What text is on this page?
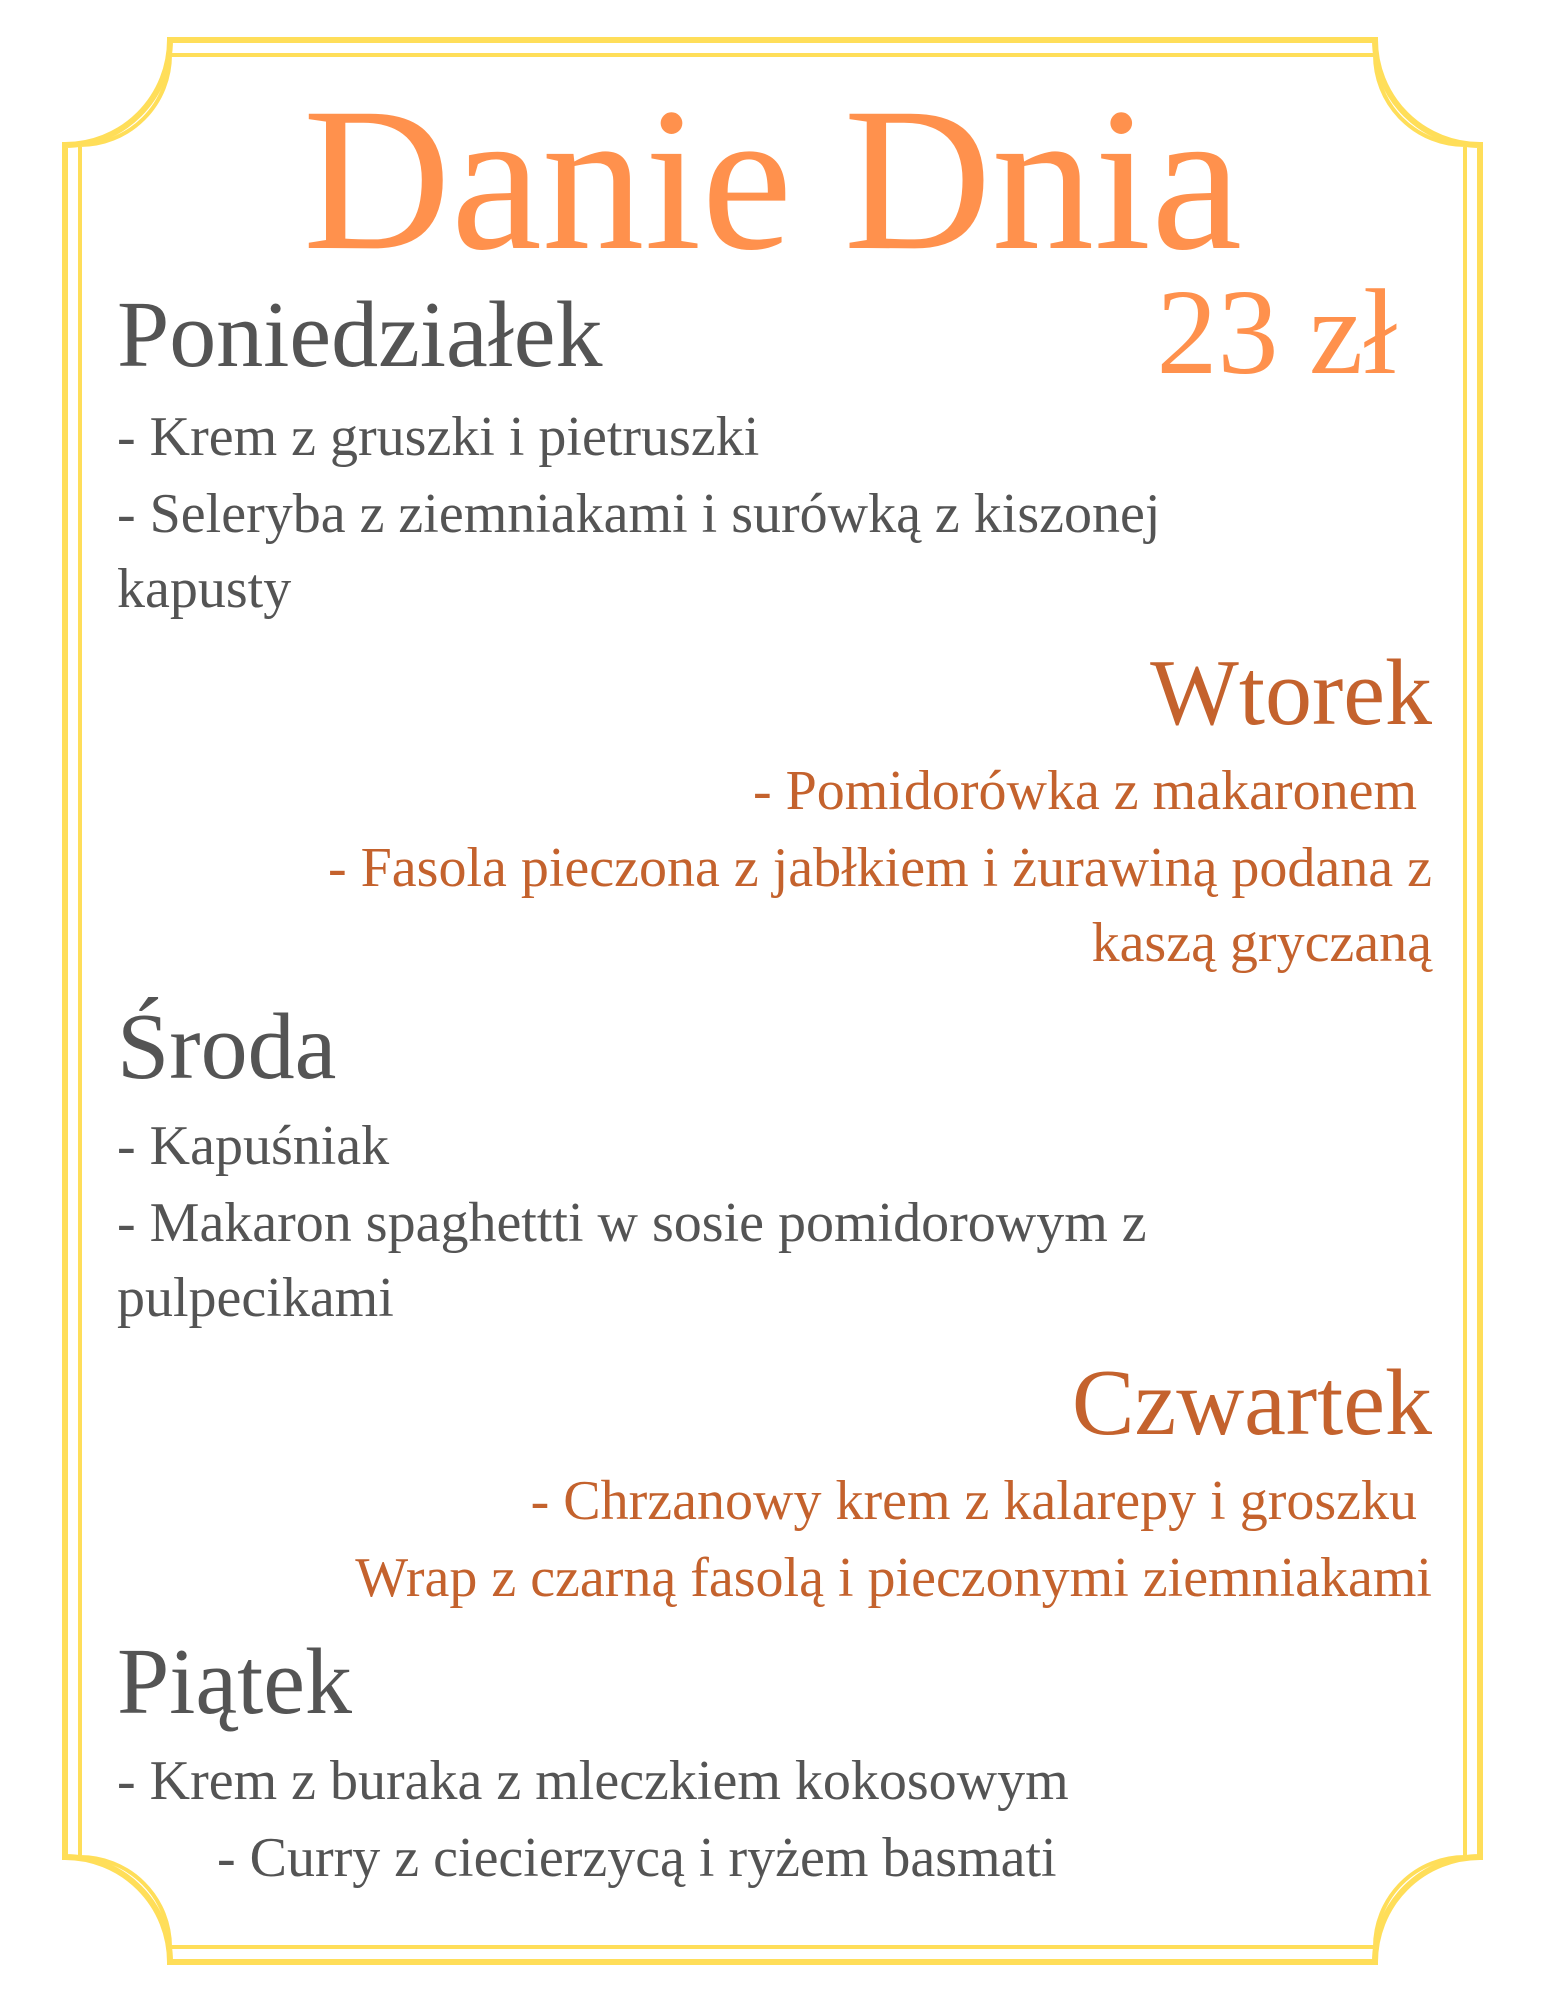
Danie Dnia
23 zł
Poniedziałek
- Krem z gruszki i pietruszki
- Seleryba z ziemniakami i surówką z kiszonej
kapusty
Wtorek
- Pomidorówka z makaronem
- Fasola pieczona z jabłkiem i żurawiną podana z
kaszą gryczaną
Środa
- Kapuśniak
- Makaron spaghettti w sosie pomidorowym z
pulpecikami
Czwartek
- Chrzanowy krem z kalarepy i groszku
Wrap z czarną fasolą i pieczonymi ziemniakami
Piątek
- Krem z buraka z mleczkiem kokosowym
- Curry z ciecierzycą i ryżem basmati
